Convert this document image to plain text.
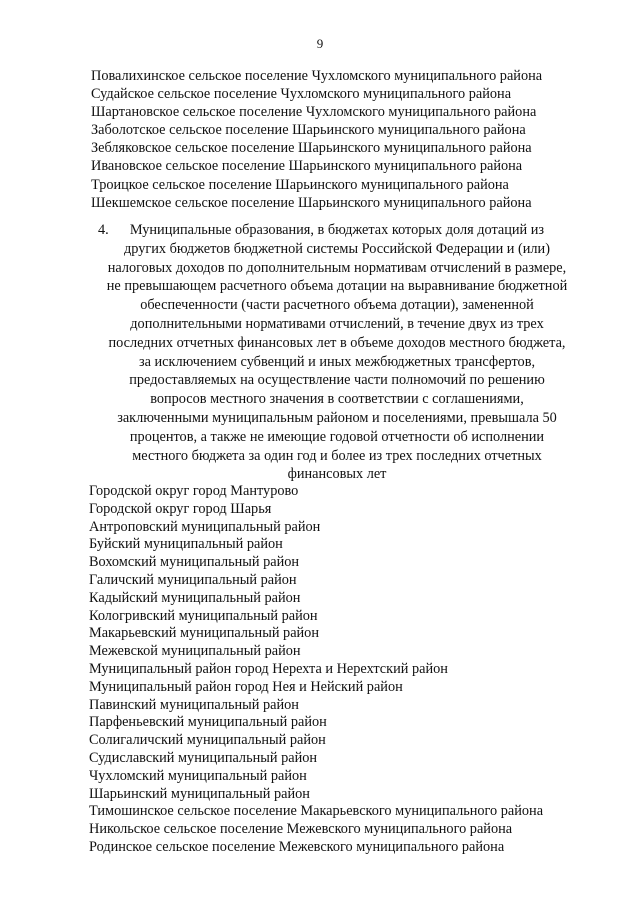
9
Повалихинское сельское поселение Чухломского муниципального района
Судайское сельское поселение Чухломского муниципального района
Шартановское сельское поселение Чухломского муниципального района
Заболотское сельское поселение Шарьинского муниципального района
Зебляковское сельское поселение Шарьинского муниципального района
Ивановское сельское поселение Шарьинского муниципального района
Троицкое сельское поселение Шарьинского муниципального района
Шекшемское сельское поселение Шарьинского муниципального района
4.	Муниципальные образования, в бюджетах которых доля дотаций из
других бюджетов бюджетной системы Российской Федерации и (или)
налоговых доходов по дополнительным нормативам отчислений в размере,
не превышающем расчетного объема дотации на выравнивание бюджетной
обеспеченности (части расчетного объема дотации), замененной
дополнительными нормативами отчислений, в течение двух из трех
последних отчетных финансовых лет в объеме доходов местного бюджета,
за исключением субвенций и иных межбюджетных трансфертов,
предоставляемых на осуществление части полномочий по решению
вопросов местного значения в соответствии с соглашениями,
заключенными муниципальным районом и поселениями, превышала 50
процентов, а также не имеющие годовой отчетности об исполнении
местного бюджета за один год и более из трех последних отчетных
финансовых лет

Городской округ город Мантурово
Городской округ город Шарья
Антроповский муниципальный район
Буйский муниципальный район
Вохомский муниципальный район
Галичский муниципальный район
Кадыйский муниципальный район
Кологривский муниципальный район
Макарьевский муниципальный район
Межевской муниципальный район
Муниципальный район город Нерехта и Нерехтский район
Муниципальный район город Нея и Нейский район
Павинский муниципальный район
Парфеньевский муниципальный район
Солигаличский муниципальный район
Судиславский муниципальный район
Чухломский муниципальный район
Шарьинский муниципальный район
Тимошинское сельское поселение Макарьевского муниципального района
Никольское сельское поселение Межевского муниципального района
Родинское сельское поселение Межевского муниципального района
